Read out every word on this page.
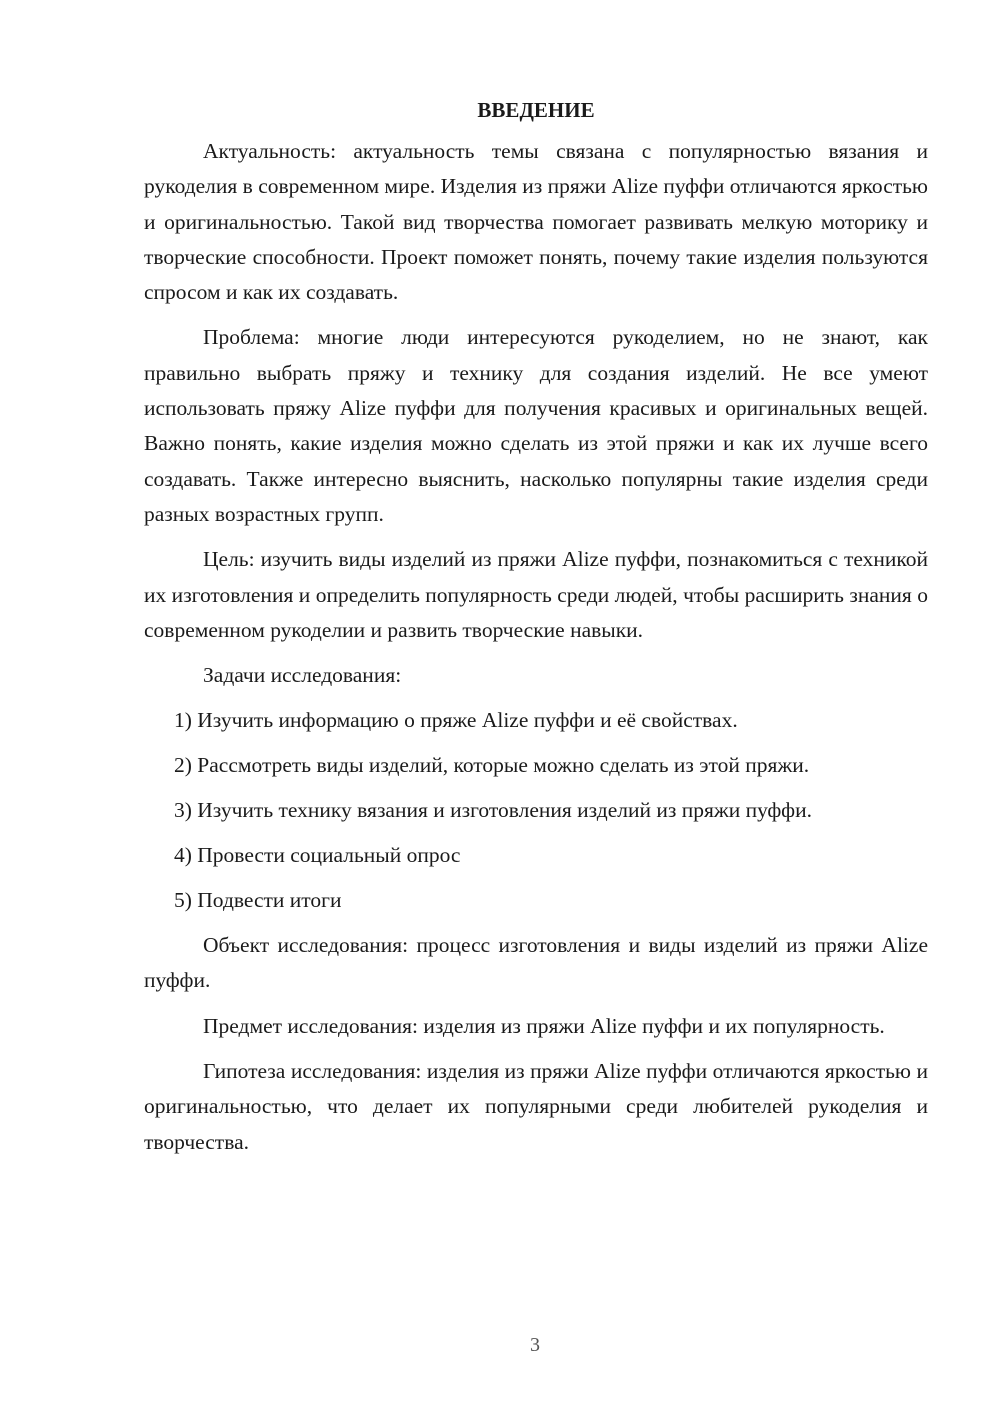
ВВЕДЕНИЕ

Актуальность: актуальность темы связана с популярностью вязания и рукоделия в современном мире. Изделия из пряжи Alize пуффи отличаются яркостью и оригинальностью. Такой вид творчества помогает развивать мелкую моторику и творческие способности. Проект поможет понять, почему такие изделия пользуются спросом и как их создавать.

Проблема: многие люди интересуются рукоделием, но не знают, как правильно выбрать пряжу и технику для создания изделий. Не все умеют использовать пряжу Alize пуффи для получения красивых и оригинальных вещей. Важно понять, какие изделия можно сделать из этой пряжи и как их лучше всего создавать. Также интересно выяснить, насколько популярны такие изделия среди разных возрастных групп.

Цель: изучить виды изделий из пряжи Alize пуффи, познакомиться с техникой их изготовления и определить популярность среди людей, чтобы расширить знания о современном рукоделии и развить творческие навыки.

Задачи исследования:

1) Изучить информацию о пряже Alize пуффи и её свойствах.

2) Рассмотреть виды изделий, которые можно сделать из этой пряжи.

3) Изучить технику вязания и изготовления изделий из пряжи пуффи.

4) Провести социальный опрос

5) Подвести итоги

Объект исследования: процесс изготовления и виды изделий из пряжи Alize пуффи.

Предмет исследования: изделия из пряжи Alize пуффи и их популярность.

Гипотеза исследования: изделия из пряжи Alize пуффи отличаются яркостью и оригинальностью, что делает их популярными среди любителей рукоделия и творчества.

3
